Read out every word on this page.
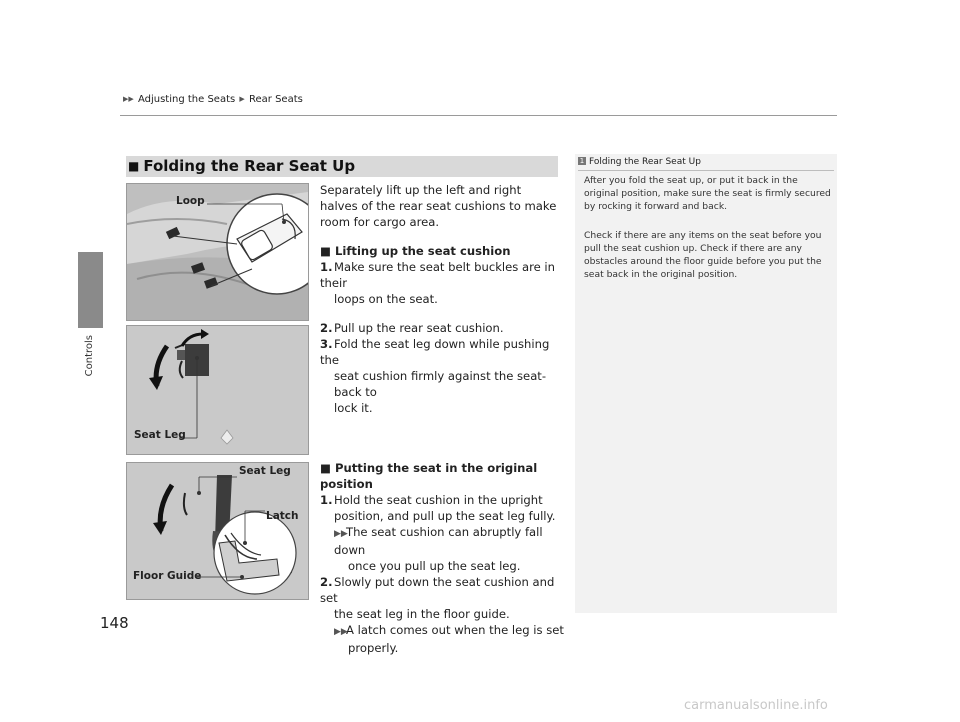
▶▶ Adjusting the Seats ▶ Rear Seats
Controls
148
■ Folding the Rear Seat Up
Loop
Seat Leg
Seat Leg
Latch
Floor Guide
Separately lift up the left and right halves of the rear seat cushions to make room for cargo area.
■ Lifting up the seat cushion
1. Make sure the seat belt buckles are in their
loops on the seat.
2. Pull up the rear seat cushion.
3. Fold the seat leg down while pushing the
seat cushion firmly against the seat-back to
lock it.
■ Putting the seat in the original position
1. Hold the seat cushion in the upright
position, and pull up the seat leg fully.
▶▶The seat cushion can abruptly fall down
once you pull up the seat leg.
2. Slowly put down the seat cushion and set
the seat leg in the floor guide.
▶▶A latch comes out when the leg is set
properly.
1 Folding the Rear Seat Up
After you fold the seat up, or put it back in the
original position, make sure the seat is firmly secured
by rocking it forward and back.
Check if there are any items on the seat before you
pull the seat cushion up. Check if there are any
obstacles around the floor guide before you put the
seat back in the original position.
carmanualsonline.info
